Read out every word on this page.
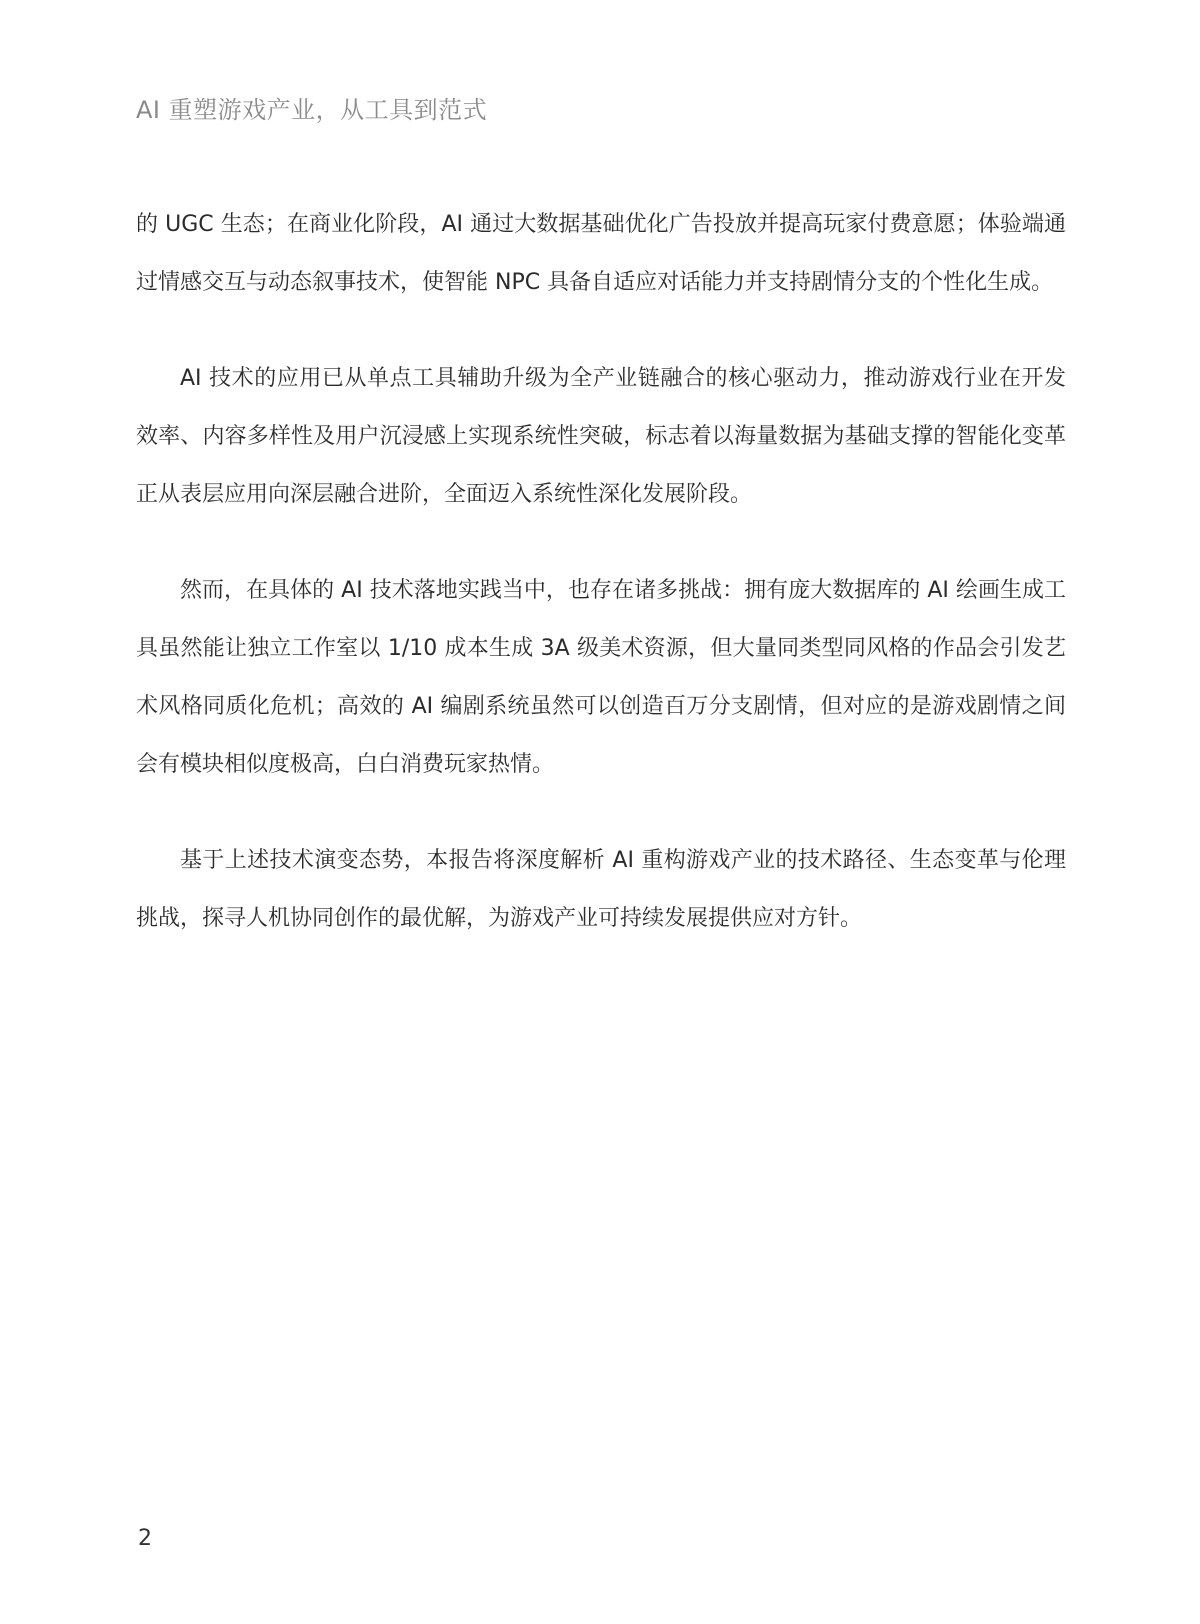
AI 重塑游戏产业，从工具到范式

的 UGC 生态；在商业化阶段，AI 通过大数据基础优化广告投放并提高玩家付费意愿；体验端通过情感交互与动态叙事技术，使智能 NPC 具备自适应对话能力并支持剧情分支的个性化生成。

AI 技术的应用已从单点工具辅助升级为全产业链融合的核心驱动力，推动游戏行业在开发效率、内容多样性及用户沉浸感上实现系统性突破，标志着以海量数据为基础支撑的智能化变革正从表层应用向深层融合进阶，全面迈入系统性深化发展阶段。

然而，在具体的 AI 技术落地实践当中，也存在诸多挑战：拥有庞大数据库的 AI 绘画生成工具虽然能让独立工作室以 1/10 成本生成 3A 级美术资源，但大量同类型同风格的作品会引发艺术风格同质化危机；高效的 AI 编剧系统虽然可以创造百万分支剧情，但对应的是游戏剧情之间会有模块相似度极高，白白消费玩家热情。

基于上述技术演变态势，本报告将深度解析 AI 重构游戏产业的技术路径、生态变革与伦理挑战，探寻人机协同创作的最优解，为游戏产业可持续发展提供应对方针。

2
